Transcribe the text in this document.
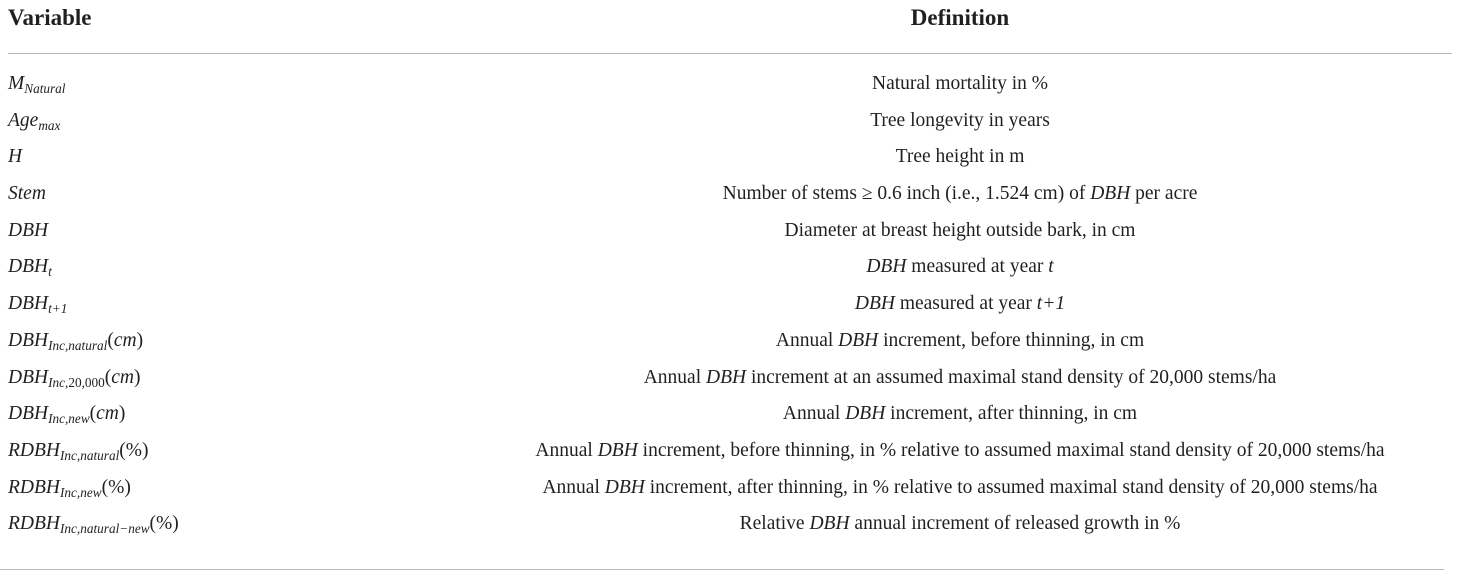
Variable	Definition
$M_{Natural}$	Natural mortality in %
Age$_{max}$	Tree longevity in years
H	Tree height in m
Stem	Number of stems ≥ 0.6 inch (i.e., 1.524 cm) of DBH per acre
DBH	Diameter at breast height outside bark, in cm
$DBH_t$	DBH measured at year t
$DBH_{t+1}$	DBH measured at year t+1
$DBH_{Inc,natural}(cm)$	Annual DBH increment, before thinning, in cm
$DBH_{Inc,20,000}(cm)$	Annual DBH increment at an assumed maximal stand density of 20,000 stems/ha
$DBH_{Inc,new}(cm)$	Annual DBH increment, after thinning, in cm
$RDBH_{Inc,natural}(\%)$	Annual DBH increment, before thinning, in % relative to assumed maximal stand density of 20,000 stems/ha
$RDBH_{Inc,new}(\%)$	Annual DBH increment, after thinning, in % relative to assumed maximal stand density of 20,000 stems/ha
$RDBH_{Inc,natural-new}(\%)$	Relative DBH annual increment of released growth in %
